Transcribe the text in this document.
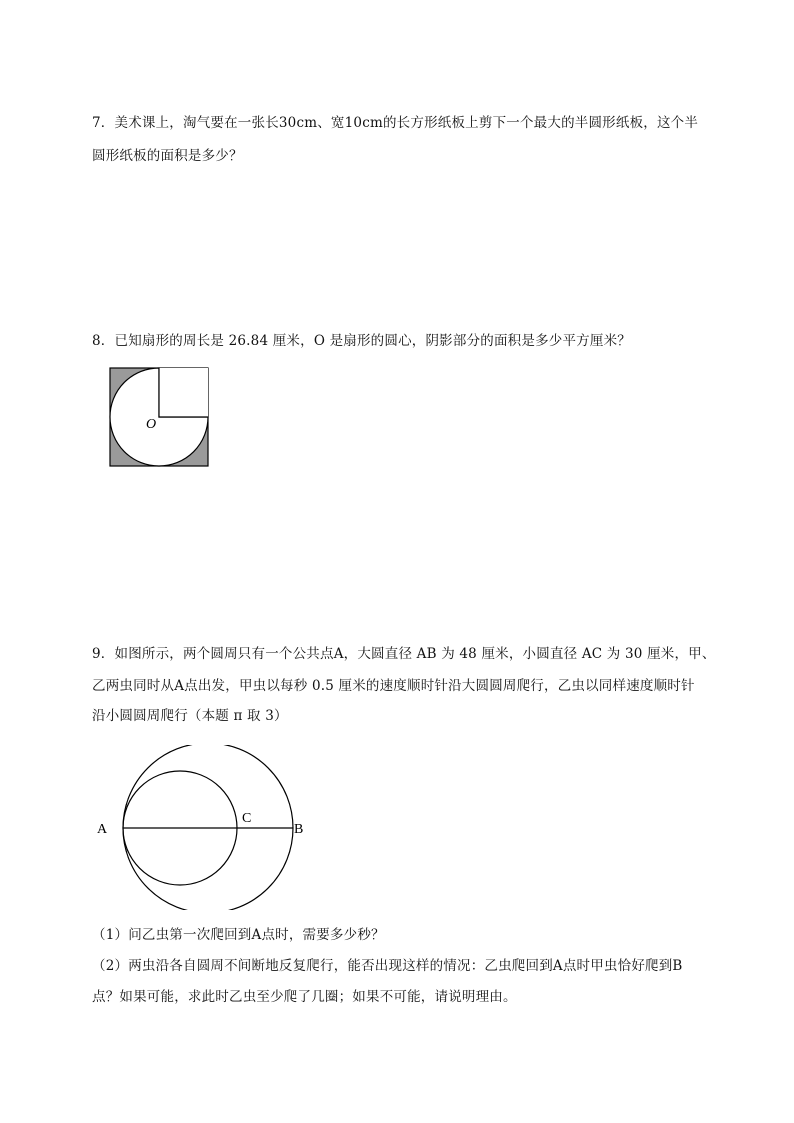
7．美术课上，淘气要在一张长30cm、宽10cm的长方形纸板上剪下一个最大的半圆形纸板，这个半
圆形纸板的面积是多少？
8．已知扇形的周长是 26.84 厘米，O 是扇形的圆心，阴影部分的面积是多少平方厘米？
O
9．如图所示，两个圆周只有一个公共点A，大圆直径 AB 为 48 厘米，小圆直径 AC 为 30 厘米，甲、
乙两虫同时从A点出发，甲虫以每秒 0.5 厘米的速度顺时针沿大圆圆周爬行，乙虫以同样速度顺时针
沿小圆圆周爬行（本题 π 取 3）
A	B
C
（1）问乙虫第一次爬回到A点时，需要多少秒？
（2）两虫沿各自圆周不间断地反复爬行，能否出现这样的情况：乙虫爬回到A点时甲虫恰好爬到B
点？如果可能，求此时乙虫至少爬了几圈；如果不可能，请说明理由。
